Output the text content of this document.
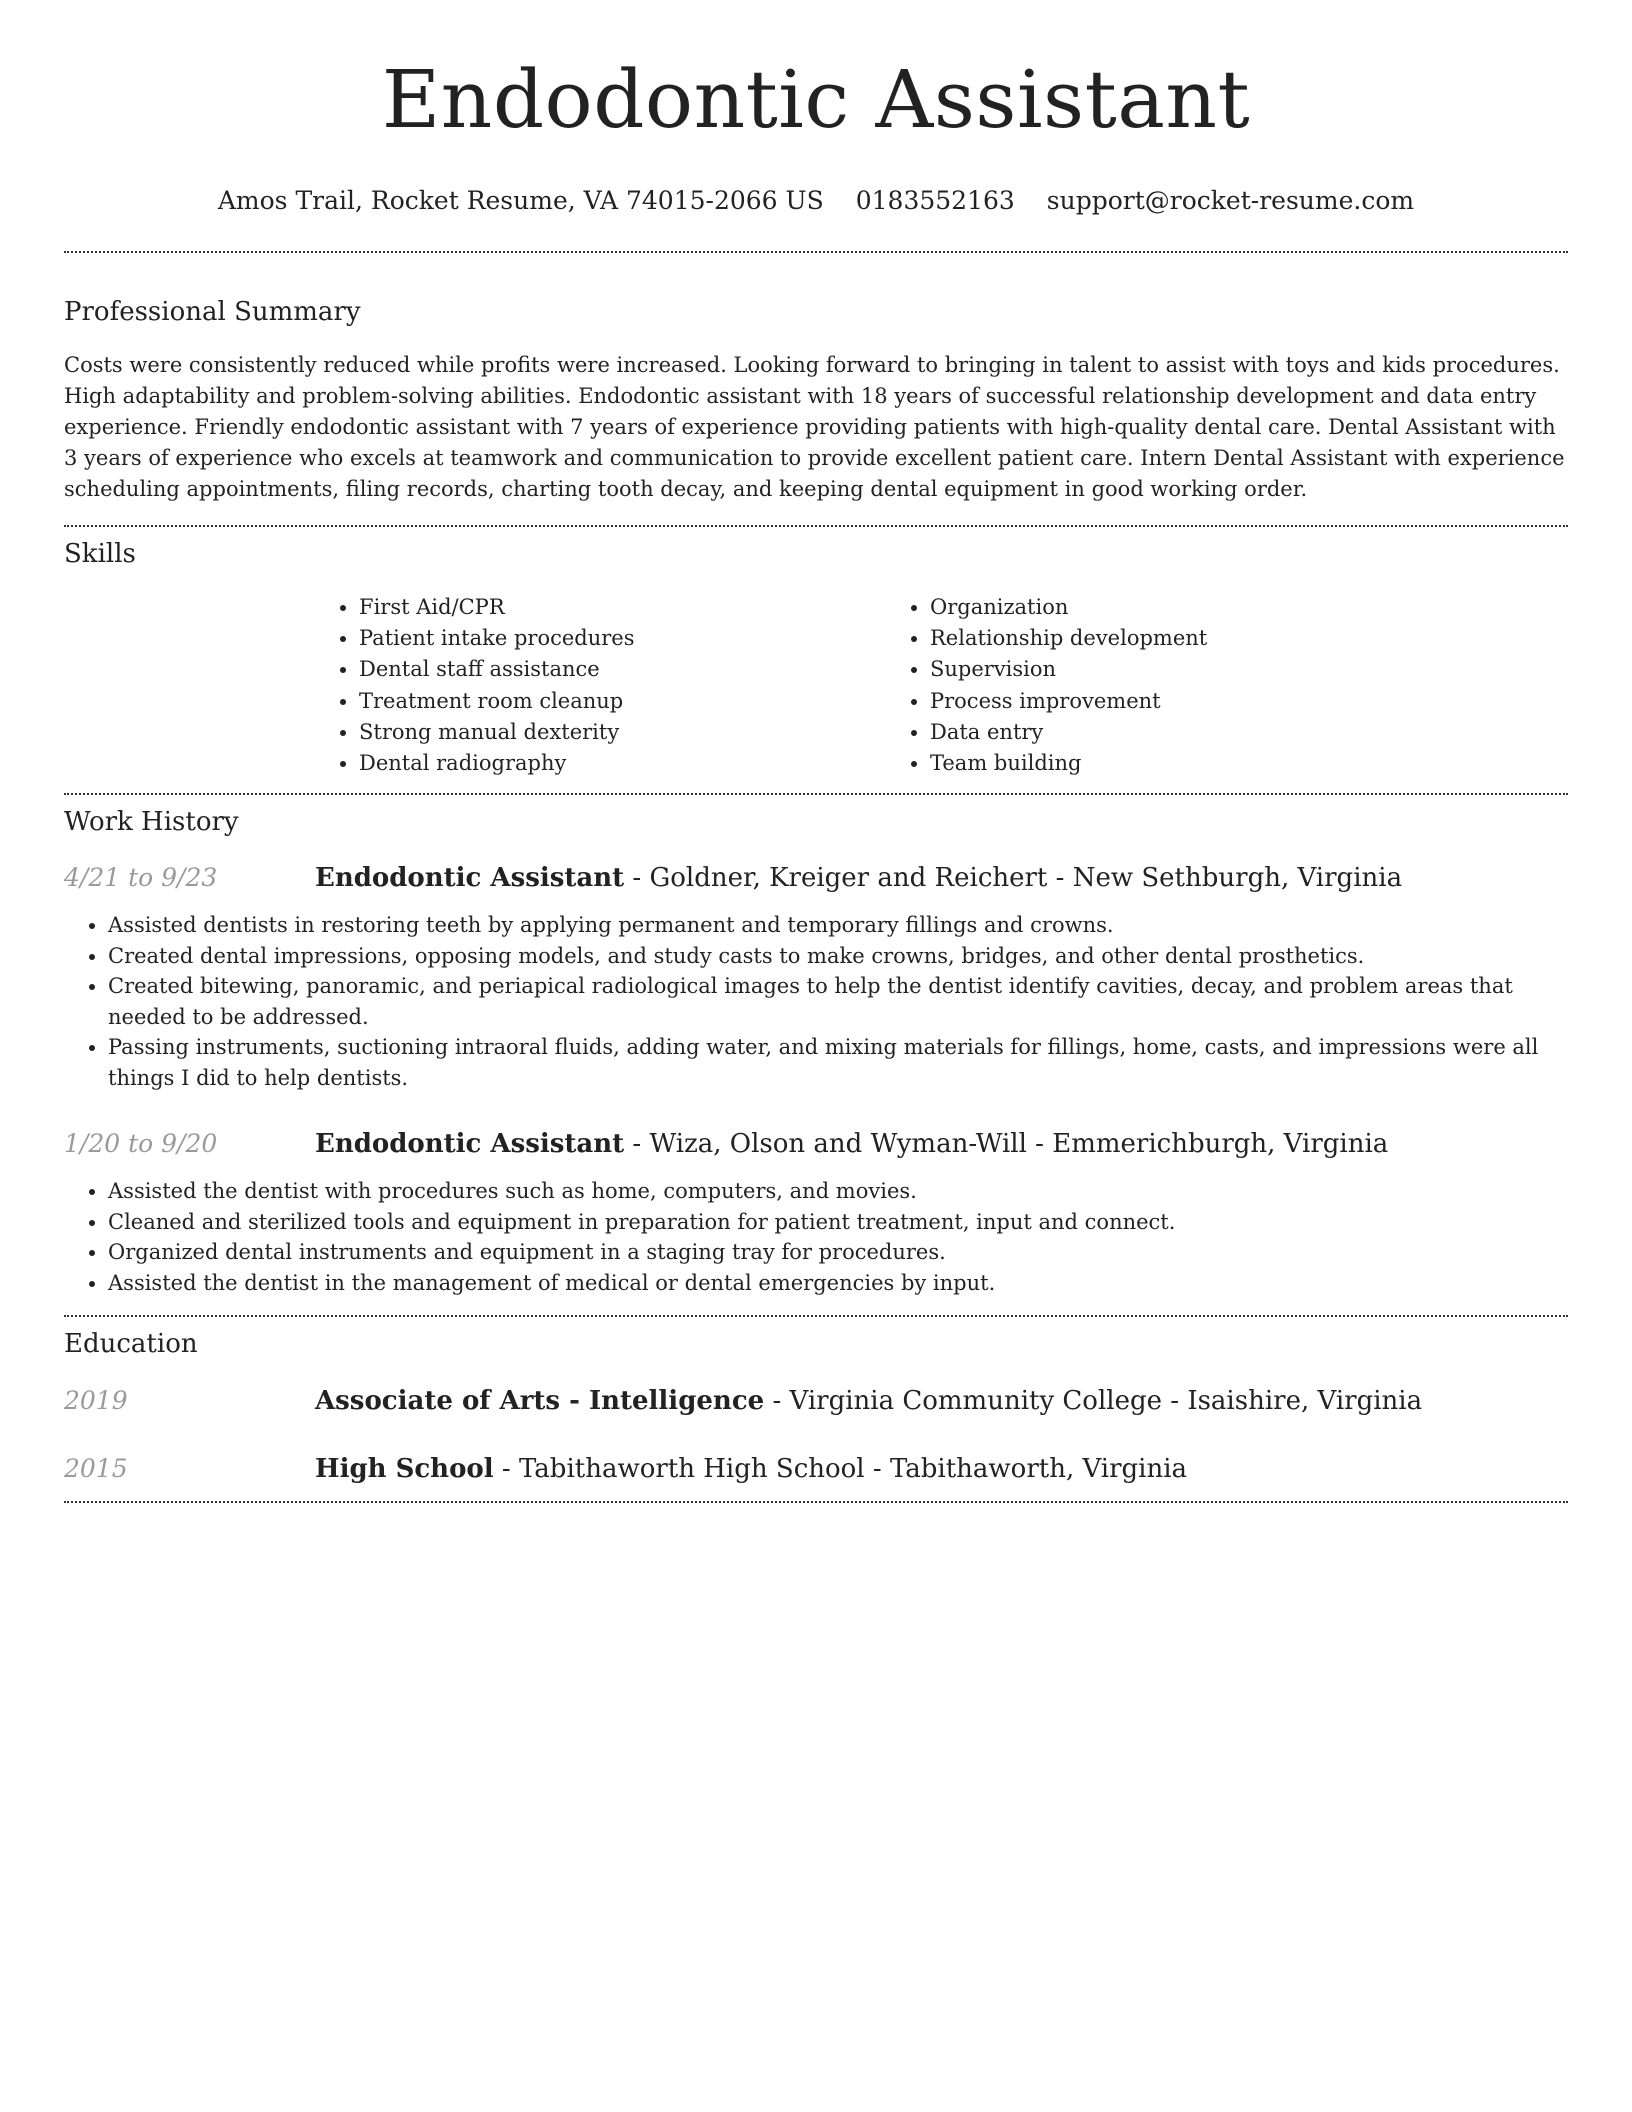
Endodontic Assistant
Amos Trail, Rocket Resume, VA 74015-2066 US 0183552163 support@rocket-resume.com
Professional Summary

Costs were consistently reduced while profits were increased. Looking forward to bringing in talent to assist with toys and kids procedures. High adaptability and problem-solving abilities. Endodontic assistant with 18 years of successful relationship development and data entry experience. Friendly endodontic assistant with 7 years of experience providing patients with high-quality dental care. Dental Assistant with 3 years of experience who excels at teamwork and communication to provide excellent patient care. Intern Dental Assistant with experience scheduling appointments, filing records, charting tooth decay, and keeping dental equipment in good working order.

Skills
• First Aid/CPR
• Patient intake procedures
• Dental staff assistance
• Treatment room cleanup
• Strong manual dexterity
• Dental radiography
• Organization
• Relationship development
• Supervision
• Process improvement
• Data entry
• Team building
Work History
4/21 to 9/23	Endodontic Assistant - Goldner, Kreiger and Reichert - New Sethburgh, Virginia
• Assisted dentists in restoring teeth by applying permanent and temporary fillings and crowns.
• Created dental impressions, opposing models, and study casts to make crowns, bridges, and other dental prosthetics.
• Created bitewing, panoramic, and periapical radiological images to help the dentist identify cavities, decay, and problem areas that needed to be addressed.
• Passing instruments, suctioning intraoral fluids, adding water, and mixing materials for fillings, home, casts, and impressions were all things I did to help dentists.
1/20 to 9/20	Endodontic Assistant - Wiza, Olson and Wyman-Will - Emmerichburgh, Virginia
• Assisted the dentist with procedures such as home, computers, and movies.
• Cleaned and sterilized tools and equipment in preparation for patient treatment, input and connect.
• Organized dental instruments and equipment in a staging tray for procedures.
• Assisted the dentist in the management of medical or dental emergencies by input.
Education
2019	Associate of Arts - Intelligence - Virginia Community College - Isaishire, Virginia
2015	High School - Tabithaworth High School - Tabithaworth, Virginia
